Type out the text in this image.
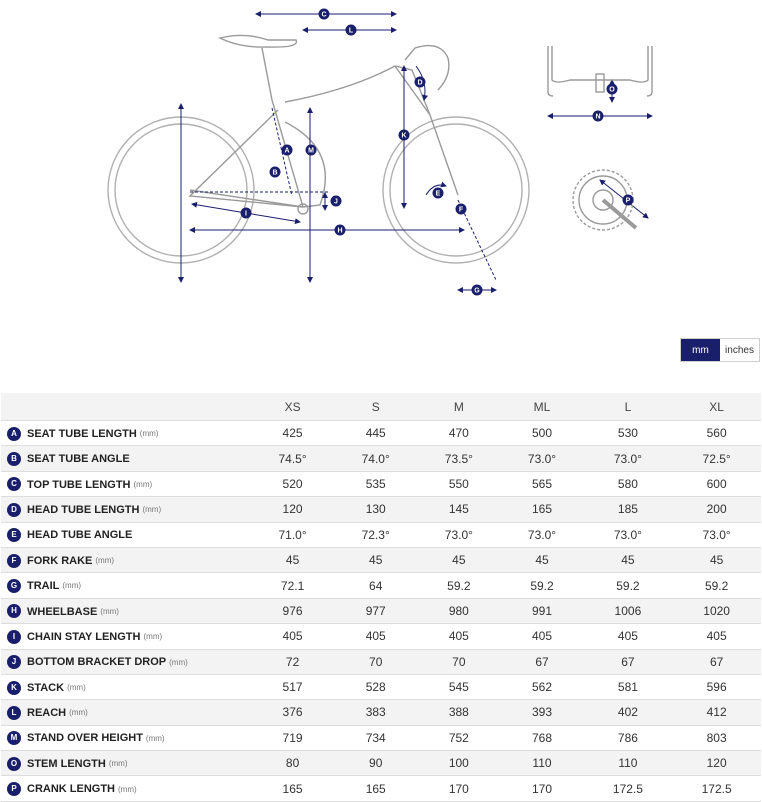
A
B
C
D
E
F
G
H
I
J
K
L
M
N
O
P
mm	inches
	XS	S	M	ML	L	XL
A SEAT TUBE LENGTH (mm)	425	445	470	500	530	560
B SEAT TUBE ANGLE	74.5°	74.0°	73.5°	73.0°	73.0°	72.5°
C TOP TUBE LENGTH (mm)	520	535	550	565	580	600
D HEAD TUBE LENGTH (mm)	120	130	145	165	185	200
E HEAD TUBE ANGLE	71.0°	72.3°	73.0°	73.0°	73.0°	73.0°
F FORK RAKE (mm)	45	45	45	45	45	45
G TRAIL (mm)	72.1	64	59.2	59.2	59.2	59.2
H WHEELBASE (mm)	976	977	980	991	1006	1020
I CHAIN STAY LENGTH (mm)	405	405	405	405	405	405
J BOTTOM BRACKET DROP (mm)	72	70	70	67	67	67
K STACK (mm)	517	528	545	562	581	596
L REACH (mm)	376	383	388	393	402	412
M STAND OVER HEIGHT (mm)	719	734	752	768	786	803
O STEM LENGTH (mm)	80	90	100	110	110	120
P CRANK LENGTH (mm)	165	165	170	170	172.5	172.5
